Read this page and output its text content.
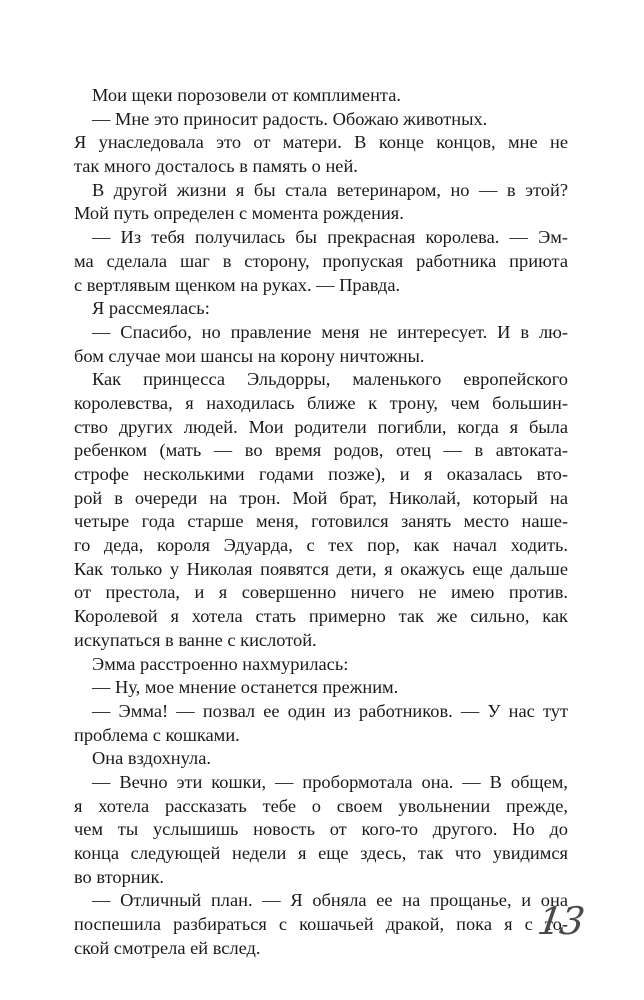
Мои щеки порозовели от комплимента.
— Мне это приносит радость. Обожаю животных.
Я унаследовала это от матери. В конце концов, мне не
так много досталось в память о ней.
В другой жизни я бы стала ветеринаром, но — в этой?
Мой путь определен с момента рождения.
— Из тебя получилась бы прекрасная королева. — Эм-
ма сделала шаг в сторону, пропуская работника приюта
с вертлявым щенком на руках. — Правда.
Я рассмеялась:
— Спасибо, но правление меня не интересует. И в лю-
бом случае мои шансы на корону ничтожны.
Как принцесса Эльдорры, маленького европейского
королевства, я находилась ближе к трону, чем большин-
ство других людей. Мои родители погибли, когда я была
ребенком (мать — во время родов, отец — в автоката-
строфе несколькими годами позже), и я оказалась вто-
рой в очереди на трон. Мой брат, Николай, который на
четыре года старше меня, готовился занять место наше-
го деда, короля Эдуарда, с тех пор, как начал ходить.
Как только у Николая появятся дети, я окажусь еще дальше
от престола, и я совершенно ничего не имею против.
Королевой я хотела стать примерно так же сильно, как
искупаться в ванне с кислотой.
Эмма расстроенно нахмурилась:
— Ну, мое мнение останется прежним.
— Эмма! — позвал ее один из работников. — У нас тут
проблема с кошками.
Она вздохнула.
— Вечно эти кошки, — пробормотала она. — В общем,
я хотела рассказать тебе о своем увольнении прежде,
чем ты услышишь новость от кого-то другого. Но до
конца следующей недели я еще здесь, так что увидимся
во вторник.
— Отличный план. — Я обняла ее на прощанье, и она
поспешила разбираться с кошачьей дракой, пока я с то-
ской смотрела ей вслед.
13
